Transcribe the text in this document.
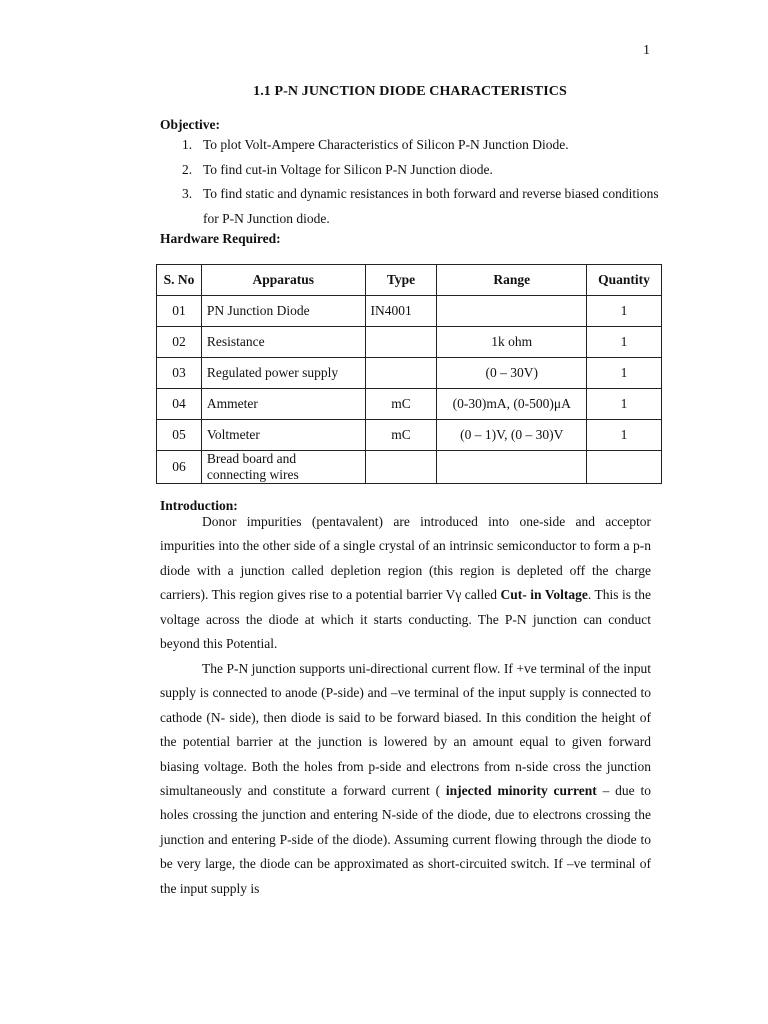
1
1.1 P-N JUNCTION DIODE CHARACTERISTICS
Objective:
1. To plot Volt-Ampere Characteristics of Silicon P-N Junction Diode.
2. To find cut-in Voltage for Silicon P-N Junction diode.
3. To find static and dynamic resistances in both forward and reverse biased conditions for P-N Junction diode.
Hardware Required:
S. No	Apparatus	Type	Range	Quantity
01	PN Junction Diode	IN4001		1
02	Resistance		1k ohm	1
03	Regulated power supply		(0 – 30V)	1
04	Ammeter	mC	(0-30)mA, (0-500)μA	1
05	Voltmeter	mC	(0 – 1)V, (0 – 30)V	1
06	Bread board and
connecting wires			
Introduction:

Donor impurities (pentavalent) are introduced into one-side and acceptor impurities into the other side of a single crystal of an intrinsic semiconductor to form a p-n diode with a junction called depletion region (this region is depleted off the charge carriers). This region gives rise to a potential barrier Vγ called Cut- in Voltage. This is the voltage across the diode at which it starts conducting. The P-N junction can conduct beyond this Potential.

The P-N junction supports uni-directional current flow. If +ve terminal of the input supply is connected to anode (P-side) and –ve terminal of the input supply is connected to cathode (N- side), then diode is said to be forward biased. In this condition the height of the potential barrier at the junction is lowered by an amount equal to given forward biasing voltage. Both the holes from p-side and electrons from n-side cross the junction simultaneously and constitute a forward current ( injected minority current – due to holes crossing the junction and entering N-side of the diode, due to electrons crossing the junction and entering P-side of the diode). Assuming current flowing through the diode to be very large, the diode can be approximated as short-circuited switch. If –ve terminal of the input supply is
